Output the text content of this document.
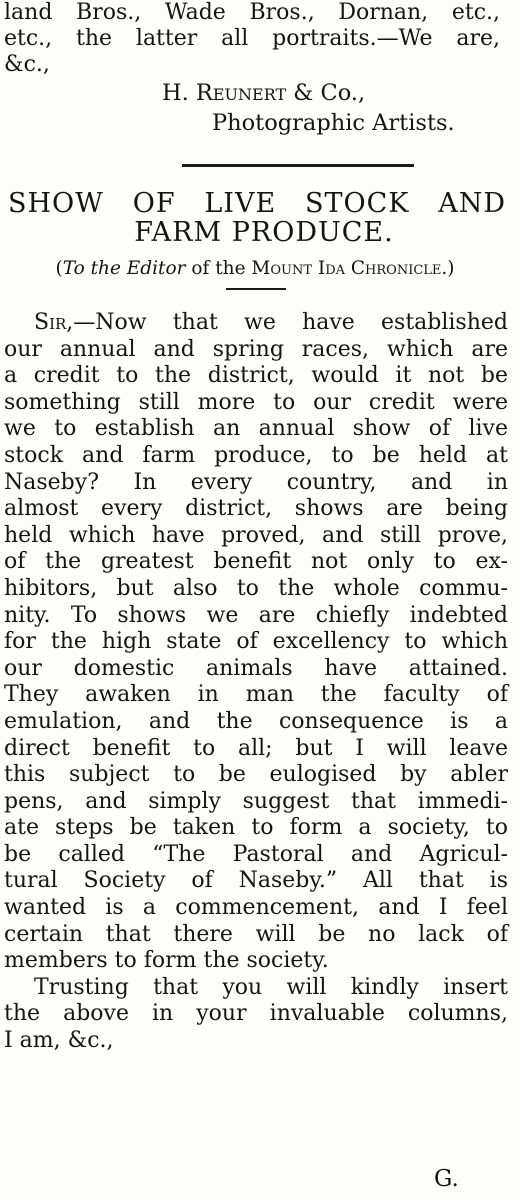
land Bros., Wade Bros., Dornan, etc.,
etc., the latter all portraits.—We are,
&c.,
H. Reunert & Co.,
Photographic Artists.
SHOW OF LIVE STOCK AND
FARM PRODUCE.
(To the Editor of the Mount Ida Chronicle.)
Sir,—Now that we have established
our annual and spring races, which are
a credit to the district, would it not be
something still more to our credit were
we to establish an annual show of live
stock and farm produce, to be held at
Naseby? In every country, and in
almost every district, shows are being
held which have proved, and still prove,
of the greatest benefit not only to ex-
hibitors, but also to the whole commu-
nity. To shows we are chiefly indebted
for the high state of excellency to which
our domestic animals have attained.
They awaken in man the faculty of
emulation, and the consequence is a
direct benefit to all; but I will leave
this subject to be eulogised by abler
pens, and simply suggest that immedi-
ate steps be taken to form a society, to
be called “The Pastoral and Agricul-
tural Society of Naseby.” All that is
wanted is a commencement, and I feel
certain that there will be no lack of
members to form the society.
Trusting that you will kindly insert
the above in your invaluable columns,
I am, &c.,
G.
